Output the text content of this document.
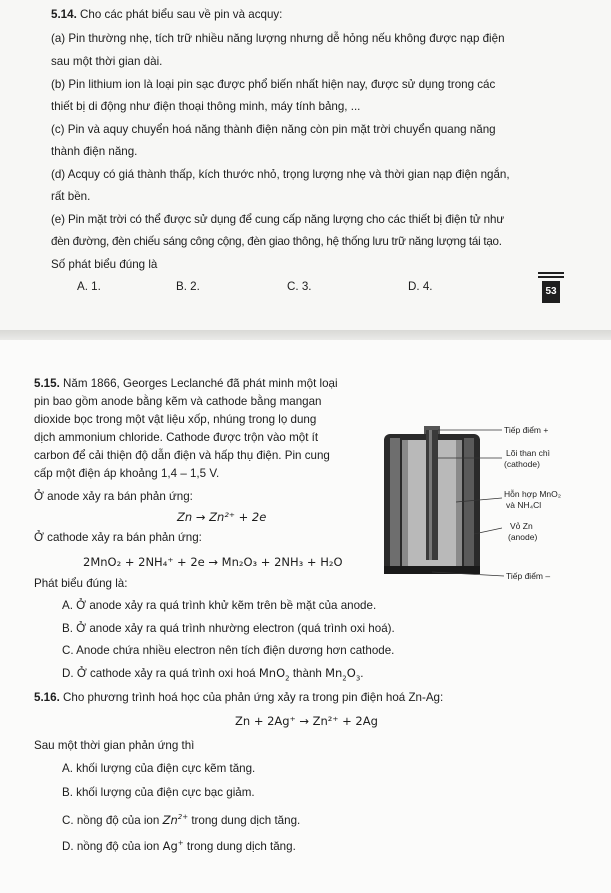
5.14. Cho các phát biểu sau về pin và acquy:
(a) Pin thường nhẹ, tích trữ nhiều năng lượng nhưng dễ hỏng nếu không được nạp điện
sau một thời gian dài.
(b) Pin lithium ion là loại pin sạc được phổ biến nhất hiện nay, được sử dụng trong các
thiết bị di động như điện thoại thông minh, máy tính bảng, ...
(c) Pin và aquy chuyển hoá năng thành điện năng còn pin mặt trời chuyển quang năng
thành điện năng.
(d) Acquy có giá thành thấp, kích thước nhỏ, trọng lượng nhẹ và thời gian nạp điện ngắn,
rất bền.
(e) Pin mặt trời có thể được sử dụng để cung cấp năng lượng cho các thiết bị điện tử như
đèn đường, đèn chiếu sáng công cộng, đèn giao thông, hệ thống lưu trữ năng lượng tái tạo.
Số phát biểu đúng là
A. 1.	B. 2.	C. 3.	D. 4.	53
5.15. Năm 1866, Georges Leclanché đã phát minh một loại
pin bao gồm anode bằng kẽm và cathode bằng mangan
dioxide bọc trong một vật liệu xốp, nhúng trong lọ dung
dịch ammonium chloride. Cathode được trộn vào một ít
carbon để cải thiện độ dẫn điện và hấp thụ điện. Pin cung
cấp một điện áp khoảng 1,4 – 1,5 V.
Ở anode xảy ra bán phản ứng:
Zn → Zn²⁺ + 2e
Ở cathode xảy ra bán phản ứng:
2MnO₂ + 2NH₄⁺ + 2e → Mn₂O₃ + 2NH₃ + H₂O
Phát biểu đúng là:
A. Ở anode xảy ra quá trình khử kẽm trên bề mặt của anode.
B. Ở anode xảy ra quá trình nhường electron (quá trình oxi hoá).
C. Anode chứa nhiều electron nên tích điện dương hơn cathode.
D. Ở cathode xảy ra quá trình oxi hoá MnO$_2$ thành $Mn_2O_3$.
Tiếp điểm +
Lõi than chì
(cathode)
Hỗn hợp MnO₂
và NH₄Cl
Vỏ Zn
(anode)
Tiếp điểm –
5.16. Cho phương trình hoá học của phản ứng xảy ra trong pin điện hoá Zn-Ag:
Zn + 2Ag⁺ → Zn²⁺ + 2Ag
Sau một thời gian phản ứng thì
A. khối lượng của điện cực kẽm tăng.
B. khối lượng của điện cực bạc giảm.
C. nồng độ của ion $Zn^{2+}$ trong dung dịch tăng.
D. nồng độ của ion Ag+ trong dung dịch tăng.
